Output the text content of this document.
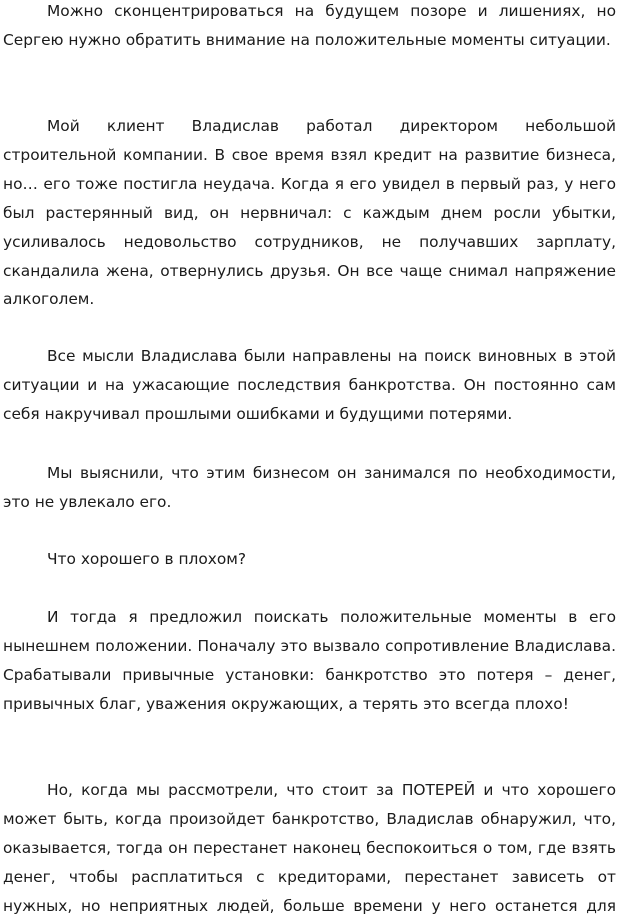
Можно сконцентрироваться на будущем позоре и лишениях, но Сергею нужно обратить внимание на положительные моменты ситуации.

Мой клиент Владислав работал директором небольшой строительной компании. В свое время взял кредит на развитие бизнеса, но… его тоже постигла неудача. Когда я его увидел в первый раз, у него был растерянный вид, он нервничал: с каждым днем росли убытки, усиливалось недовольство сотрудников, не получавших зарплату, скандалила жена, отвернулись друзья. Он все чаще снимал напряжение алкоголем.

Все мысли Владислава были направлены на поиск виновных в этой ситуации и на ужасающие последствия банкротства. Он постоянно сам себя накручивал прошлыми ошибками и будущими потерями.

Мы выяснили, что этим бизнесом он занимался по необходимости, это не увлекало его.

Что хорошего в плохом?

И тогда я предложил поискать положительные моменты в его нынешнем положении. Поначалу это вызвало сопротивление Владислава. Срабатывали привычные установки: банкротство это потеря – денег, привычных благ, уважения окружающих, а терять это всегда плохо!

Но, когда мы рассмотрели, что стоит за ПОТЕРЕЙ и что хорошего может быть, когда произойдет банкротство, Владислав обнаружил, что, оказывается, тогда он перестанет наконец беспокоиться о том, где взять денег, чтобы расплатиться с кредиторами, перестанет зависеть от нужных, но неприятных людей, больше времени у него останется для
